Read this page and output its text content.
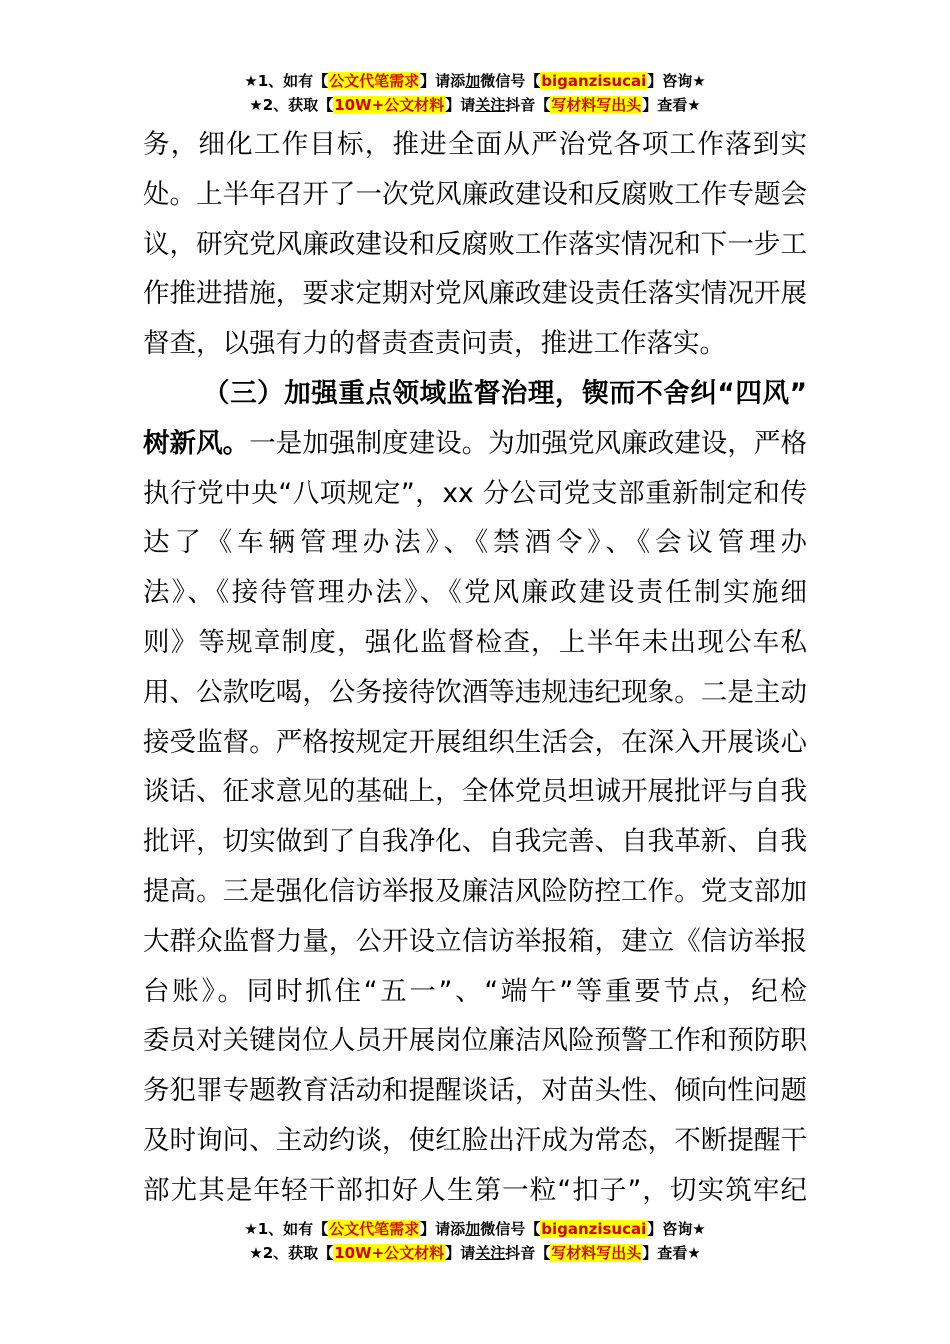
★1、如有【公文代笔需求】请添加微信号【biganzisucai】咨询★
★2、获取【10W+公文材料】请关注抖音【写材料写出头】查看★
务，细化工作目标，推进全面从严治党各项工作落到实
处。上半年召开了一次党风廉政建设和反腐败工作专题会
议，研究党风廉政建设和反腐败工作落实情况和下一步工
作推进措施，要求定期对党风廉政建设责任落实情况开展
督查，以强有力的督责查责问责，推进工作落实。
（三）加强重点领域监督治理，锲而不舍纠“四风”
树新风。一是加强制度建设。为加强党风廉政建设，严格
执行党中央“八项规定”，xx 分公司党支部重新制定和传
达了《车辆管理办法》、《禁酒令》、《会议管理办
法》、《接待管理办法》、《党风廉政建设责任制实施细
则》等规章制度，强化监督检查，上半年未出现公车私
用、公款吃喝，公务接待饮酒等违规违纪现象。二是主动
接受监督。严格按规定开展组织生活会，在深入开展谈心
谈话、征求意见的基础上，全体党员坦诚开展批评与自我
批评，切实做到了自我净化、自我完善、自我革新、自我
提高。三是强化信访举报及廉洁风险防控工作。党支部加
大群众监督力量，公开设立信访举报箱，建立《信访举报
台账》。同时抓住“五一”、“端午”等重要节点，纪检
委员对关键岗位人员开展岗位廉洁风险预警工作和预防职
务犯罪专题教育活动和提醒谈话，对苗头性、倾向性问题
及时询问、主动约谈，使红脸出汗成为常态，不断提醒干
部尤其是年轻干部扣好人生第一粒“扣子”，切实筑牢纪
★1、如有【公文代笔需求】请添加微信号【biganzisucai】咨询★
★2、获取【10W+公文材料】请关注抖音【写材料写出头】查看★
